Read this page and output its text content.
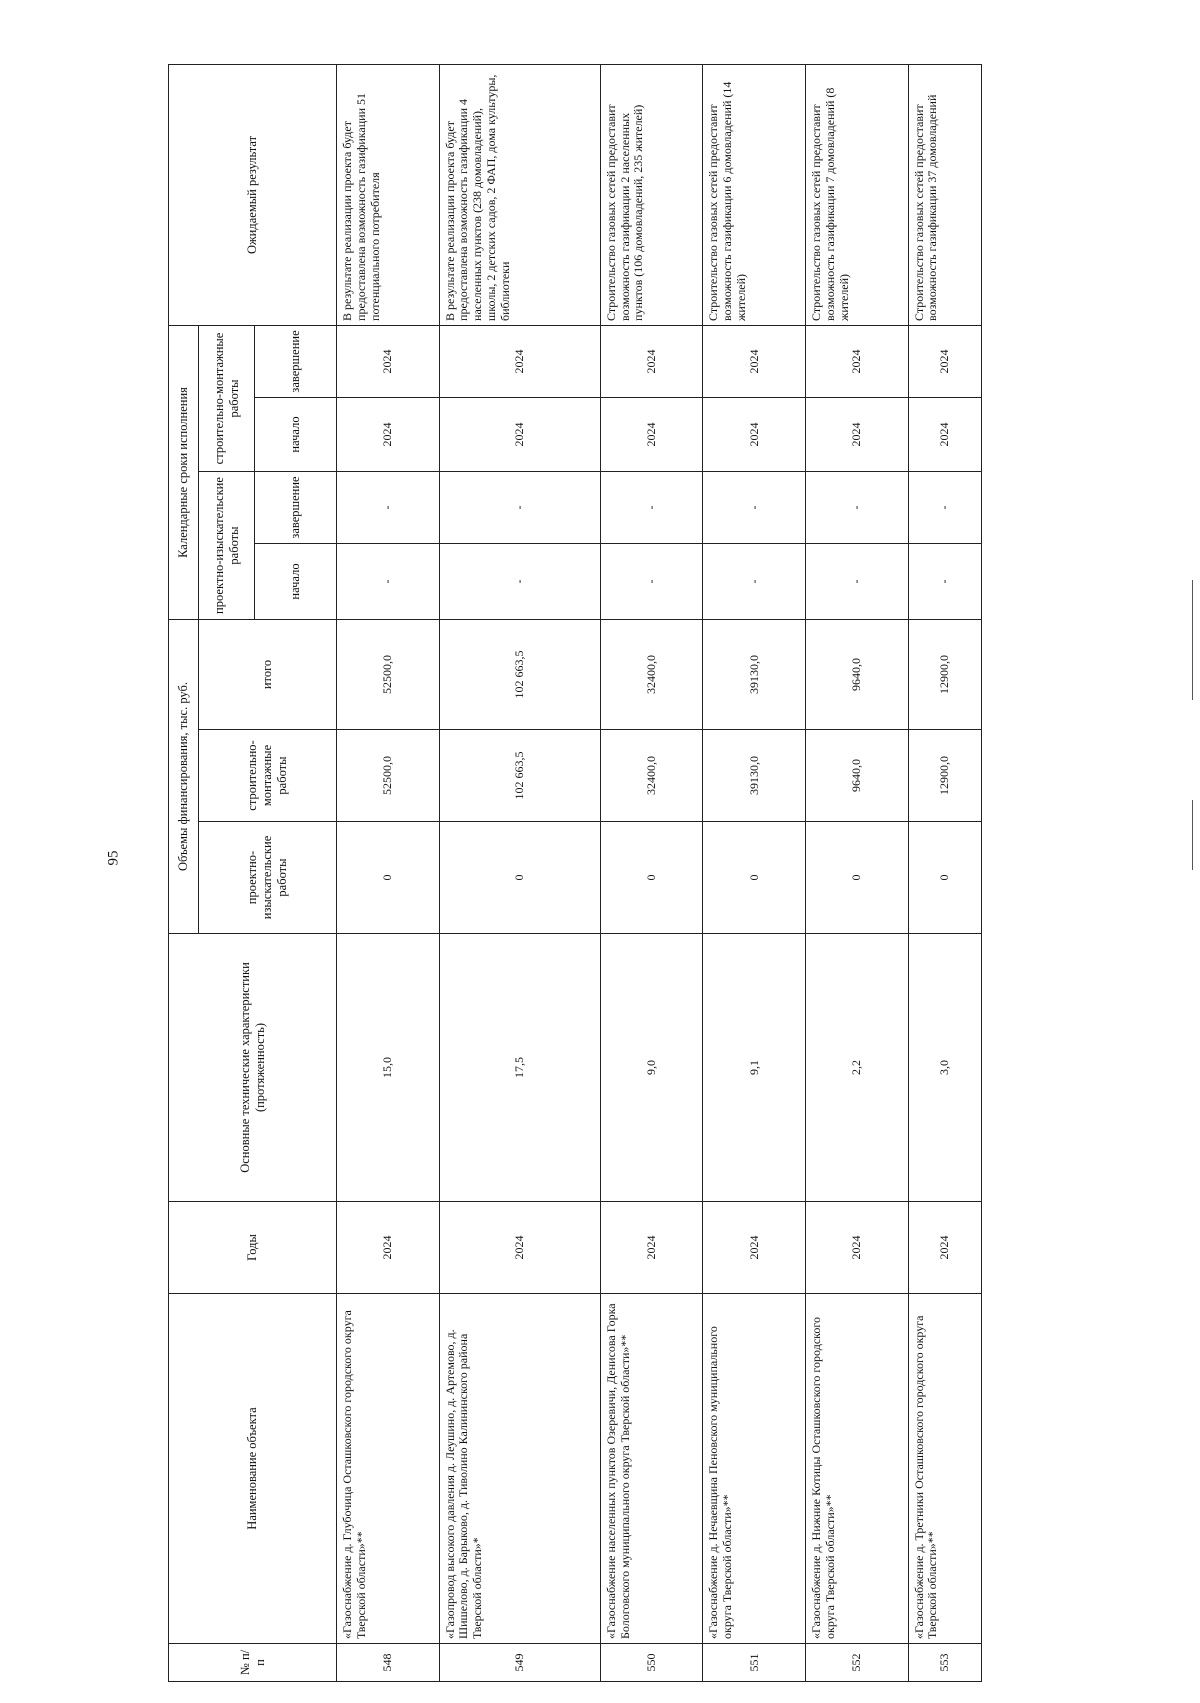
95
№ п/п	Наименование объекта	Годы	Основные технические характеристики (протяженность)	Объемы финансирования, тыс. руб.			Календарные сроки исполнения				Ожидаемый результат
				проектно-изыскательские работы	строительно-монтажные работы	итого	проектно-изыскательские работы		строительно-монтажные работы		
							начало	завершение	начало	завершение	
548	«Газоснабжение д. Глубочица Осташковского городского округа Тверской области»**	2024	15,0	0	52500,0	52500,0	-	-	2024	2024	В результате реализации проекта будет предоставлена возможность газификации 51 потенциального потребителя
549	«Газопровод высокого давления д. Леушино, д. Артемово, д. Шишелово, д. Барыково, д. Тиволино Калининского района Тверской области»*	2024	17,5	0	102 663,5	102 663,5	-	-	2024	2024	В результате реализации проекта будет предоставлена возможность газификации 4 населенных пунктов (238 домовладений), школы, 2 детских садов, 2 ФАП, дома культуры, библиотеки
550	«Газоснабжение населенных пунктов Озеревичи, Денисова Горка Бологовского муниципального округа Тверской области»**	2024	9,0	0	32400,0	32400,0	-	-	2024	2024	Строительство газовых сетей предоставит возможность газификации 2 населенных пунктов (106 домовладений, 235 жителей)
551	«Газоснабжение д. Нечаевщина Пеновского муниципального округа Тверской области»**	2024	9,1	0	39130,0	39130,0	-	-	2024	2024	Строительство газовых сетей предоставит возможность газификации 6 домовладений (14 жителей)
552	«Газоснабжение д. Нижние Котицы Осташковского городского округа Тверской области»**	2024	2,2	0	9640,0	9640,0	-	-	2024	2024	Строительство газовых сетей предоставит возможность газификации 7 домовладений (8 жителей)
553	«Газоснабжение д. Третники Осташковского городского округа Тверской области»**	2024	3,0	0	12900,0	12900,0	-	-	2024	2024	Строительство газовых сетей предоставит возможность газификации 37 домовладений
